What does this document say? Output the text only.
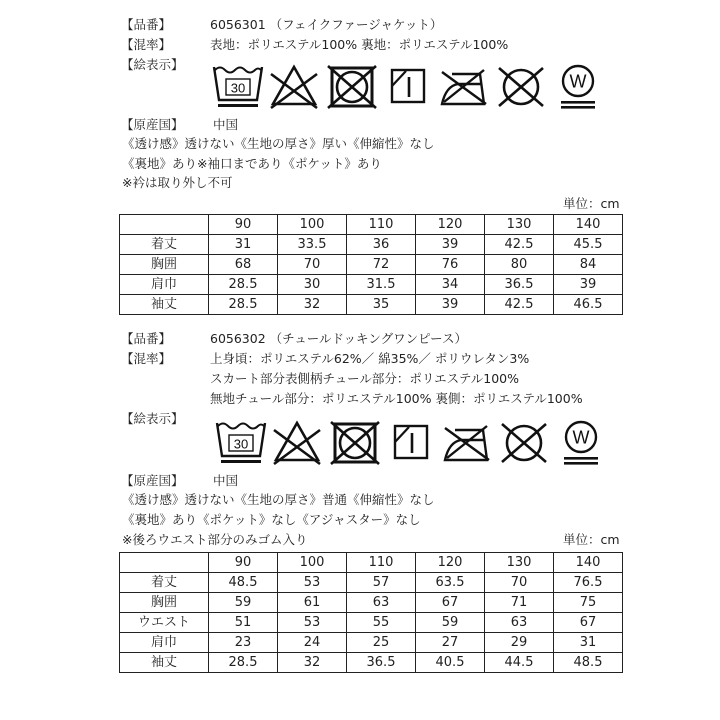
【品番】	6056301 （フェイクファージャケット）
【混率】	表地：ポリエステル100% 裏地：ポリエステル100%
【絵表示】
30	W
【原産国】 中国
《透け感》透けない《生地の厚さ》厚い《伸縮性》なし
《裏地》あり※袖口まであり《ポケット》あり
※衿は取り外し不可
単位：cm
	90	100	110	120	130	140
着丈	31	33.5	36	39	42.5	45.5
胸囲	68	70	72	76	80	84
肩巾	28.5	30	31.5	34	36.5	39
袖丈	28.5	32	35	39	42.5	46.5
【品番】	6056302 （チュールドッキングワンピース）
【混率】	上身頃：ポリエステル62%／ 綿35%／ ポリウレタン3%
スカート部分表側柄チュール部分：ポリエステル100%
無地チュール部分：ポリエステル100% 裏側：ポリエステル100%
【絵表示】
30	W
【原産国】 中国
《透け感》透けない《生地の厚さ》普通《伸縮性》なし
《裏地》あり《ポケット》なし《アジャスター》なし
※後ろウエスト部分のみゴム入り	単位：cm
	90	100	110	120	130	140
着丈	48.5	53	57	63.5	70	76.5
胸囲	59	61	63	67	71	75
ウエスト	51	53	55	59	63	67
肩巾	23	24	25	27	29	31
袖丈	28.5	32	36.5	40.5	44.5	48.5
